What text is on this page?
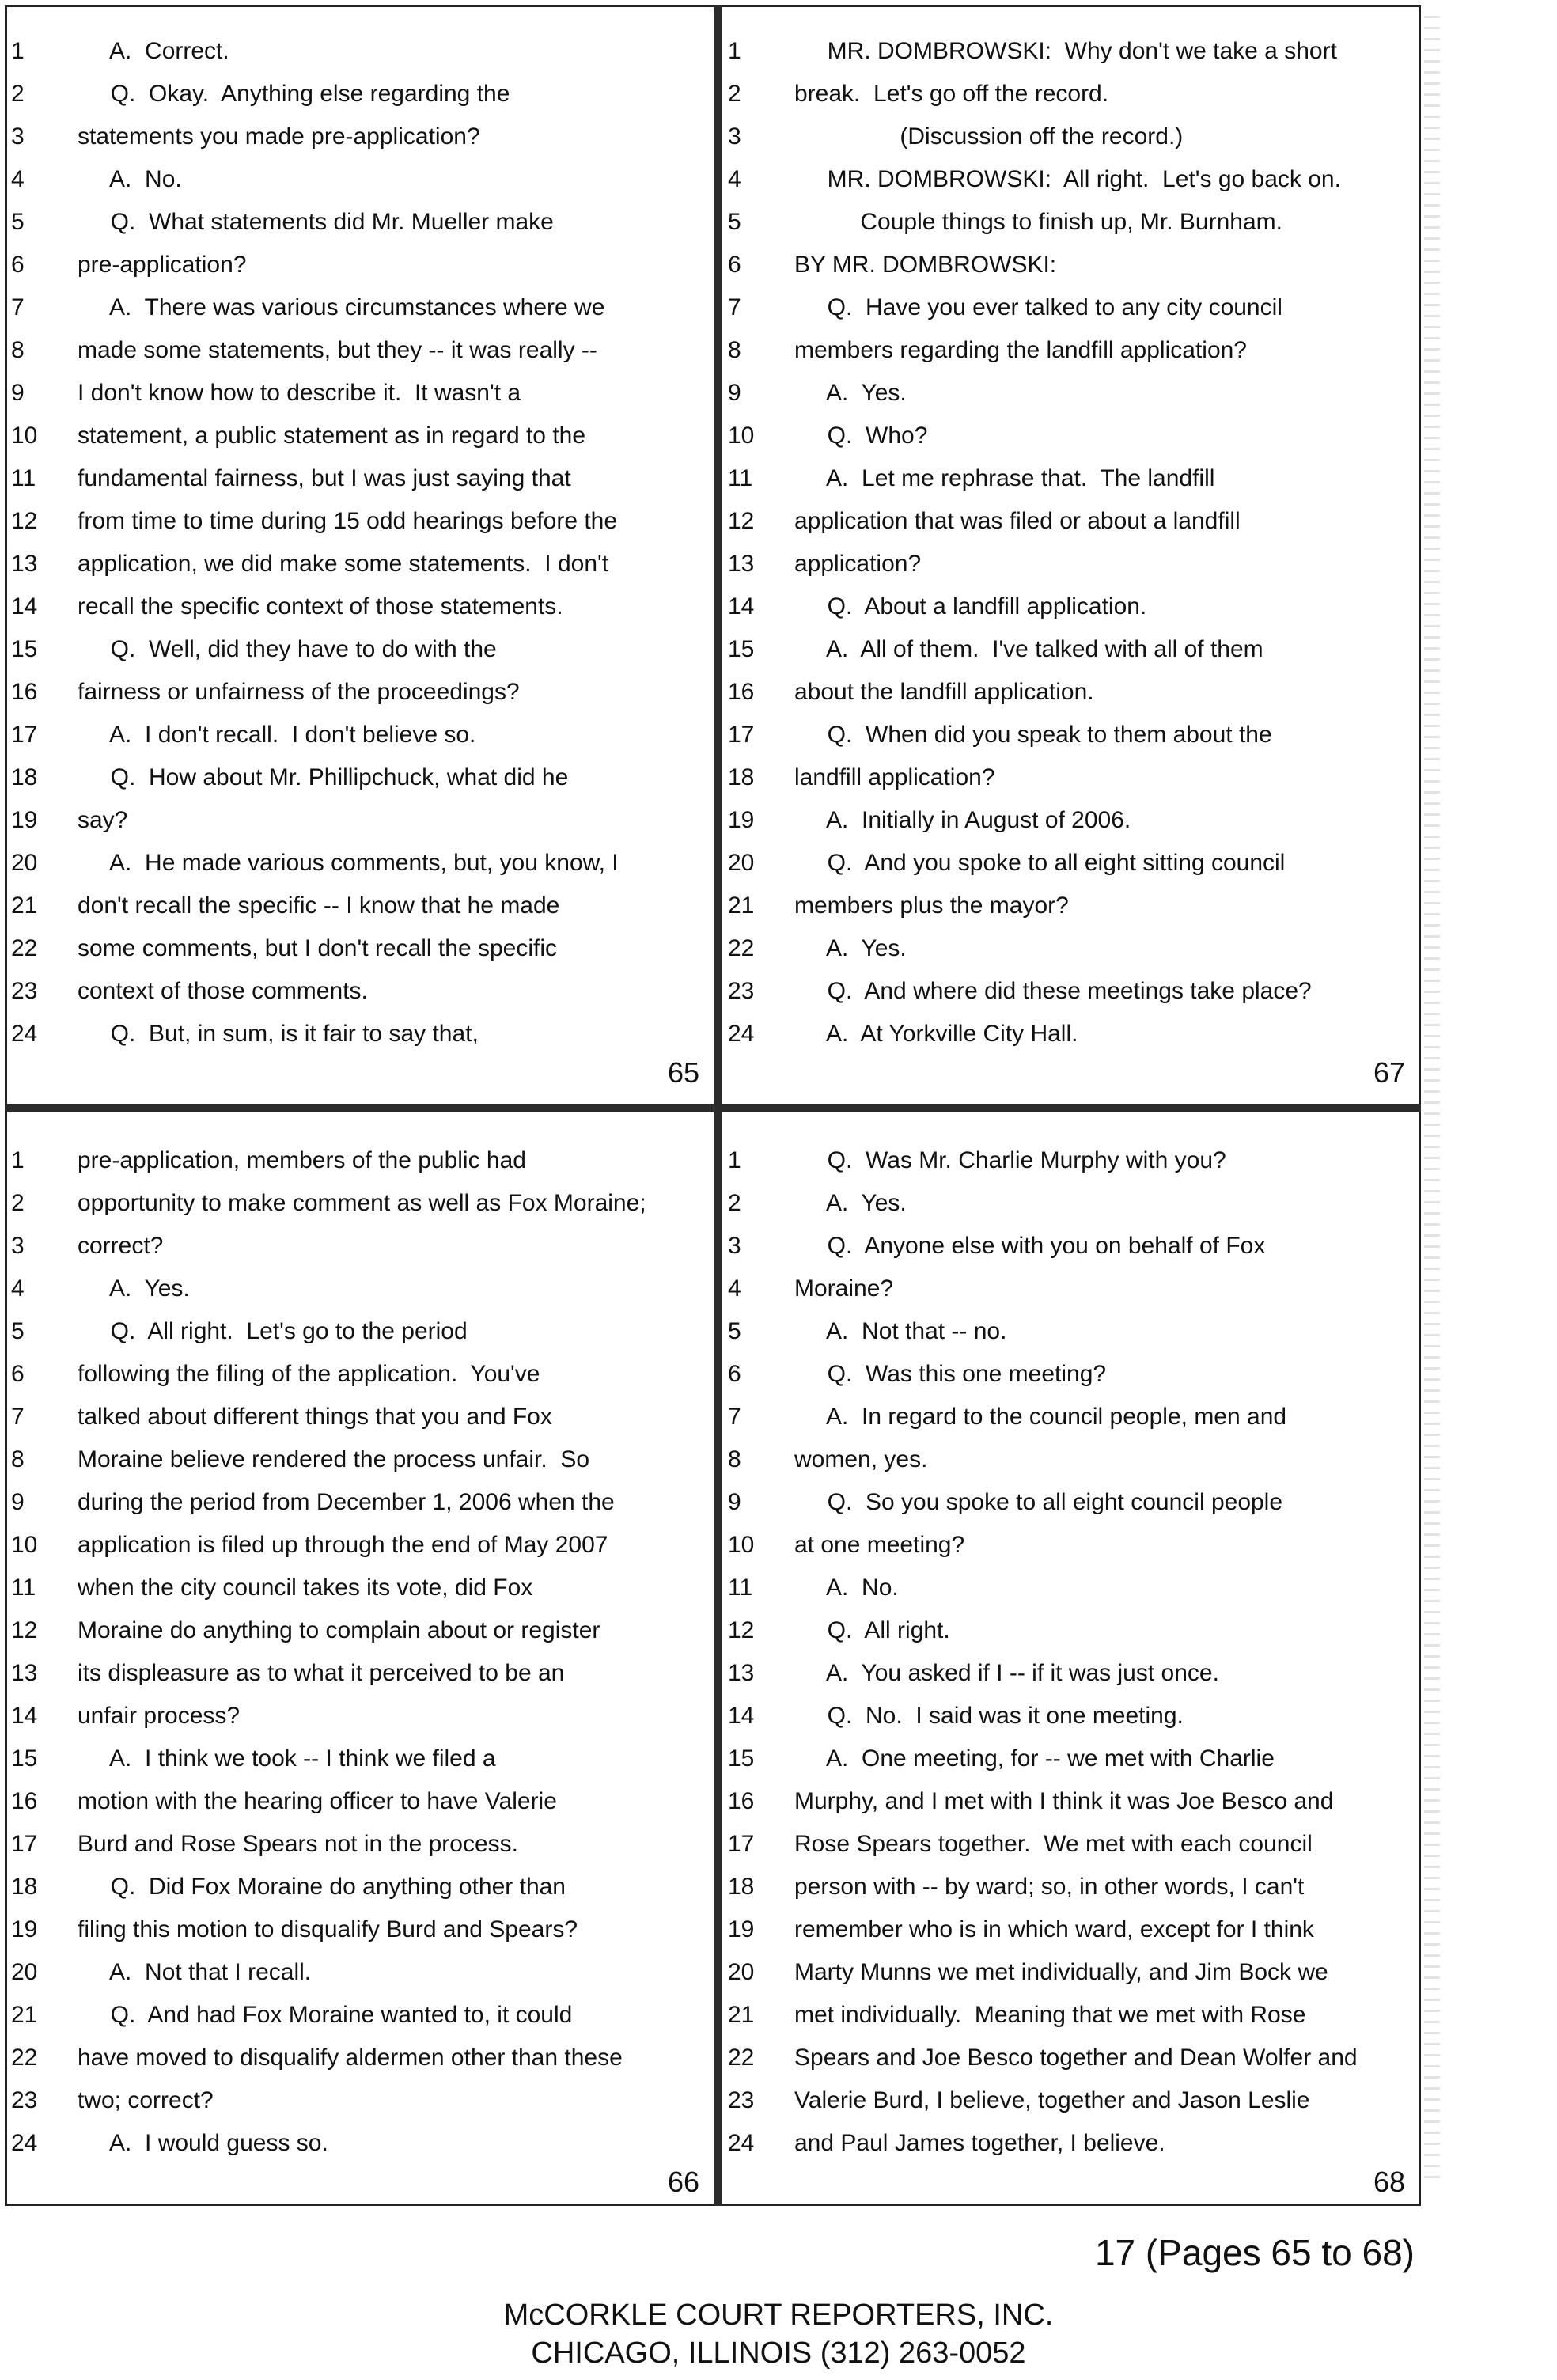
1	A.  Correct.
2	Q.  Okay.  Anything else regarding the
3	statements you made pre-application?
4	A.  No.
5	Q.  What statements did Mr. Mueller make
6	pre-application?
7	A.  There was various circumstances where we
8	made some statements, but they -- it was really --
9	I don't know how to describe it.  It wasn't a
10	statement, a public statement as in regard to the
11	fundamental fairness, but I was just saying that
12	from time to time during 15 odd hearings before the
13	application, we did make some statements.  I don't
14	recall the specific context of those statements.
15	Q.  Well, did they have to do with the
16	fairness or unfairness of the proceedings?
17	A.  I don't recall.  I don't believe so.
18	Q.  How about Mr. Phillipchuck, what did he
19	say?
20	A.  He made various comments, but, you know, I
21	don't recall the specific -- I know that he made
22	some comments, but I don't recall the specific
23	context of those comments.
24	Q.  But, in sum, is it fair to say that,
65
1	MR. DOMBROWSKI:  Why don't we take a short
2	break.  Let's go off the record.
3	(Discussion off the record.)
4	MR. DOMBROWSKI:  All right.  Let's go back on.
5	Couple things to finish up, Mr. Burnham.
6	BY MR. DOMBROWSKI:
7	Q.  Have you ever talked to any city council
8	members regarding the landfill application?
9	A.  Yes.
10	Q.  Who?
11	A.  Let me rephrase that.  The landfill
12	application that was filed or about a landfill
13	application?
14	Q.  About a landfill application.
15	A.  All of them.  I've talked with all of them
16	about the landfill application.
17	Q.  When did you speak to them about the
18	landfill application?
19	A.  Initially in August of 2006.
20	Q.  And you spoke to all eight sitting council
21	members plus the mayor?
22	A.  Yes.
23	Q.  And where did these meetings take place?
24	A.  At Yorkville City Hall.
67
1	pre-application, members of the public had
2	opportunity to make comment as well as Fox Moraine;
3	correct?
4	A.  Yes.
5	Q.  All right.  Let's go to the period
6	following the filing of the application.  You've
7	talked about different things that you and Fox
8	Moraine believe rendered the process unfair.  So
9	during the period from December 1, 2006 when the
10	application is filed up through the end of May 2007
11	when the city council takes its vote, did Fox
12	Moraine do anything to complain about or register
13	its displeasure as to what it perceived to be an
14	unfair process?
15	A.  I think we took -- I think we filed a
16	motion with the hearing officer to have Valerie
17	Burd and Rose Spears not in the process.
18	Q.  Did Fox Moraine do anything other than
19	filing this motion to disqualify Burd and Spears?
20	A.  Not that I recall.
21	Q.  And had Fox Moraine wanted to, it could
22	have moved to disqualify aldermen other than these
23	two; correct?
24	A.  I would guess so.
66
1	Q.  Was Mr. Charlie Murphy with you?
2	A.  Yes.
3	Q.  Anyone else with you on behalf of Fox
4	Moraine?
5	A.  Not that -- no.
6	Q.  Was this one meeting?
7	A.  In regard to the council people, men and
8	women, yes.
9	Q.  So you spoke to all eight council people
10	at one meeting?
11	A.  No.
12	Q.  All right.
13	A.  You asked if I -- if it was just once.
14	Q.  No.  I said was it one meeting.
15	A.  One meeting, for -- we met with Charlie
16	Murphy, and I met with I think it was Joe Besco and
17	Rose Spears together.  We met with each council
18	person with -- by ward; so, in other words, I can't
19	remember who is in which ward, except for I think
20	Marty Munns we met individually, and Jim Bock we
21	met individually.  Meaning that we met with Rose
22	Spears and Joe Besco together and Dean Wolfer and
23	Valerie Burd, I believe, together and Jason Leslie
24	and Paul James together, I believe.
68
17 (Pages 65 to 68)
McCORKLE COURT REPORTERS, INC.
CHICAGO, ILLINOIS (312) 263-0052
